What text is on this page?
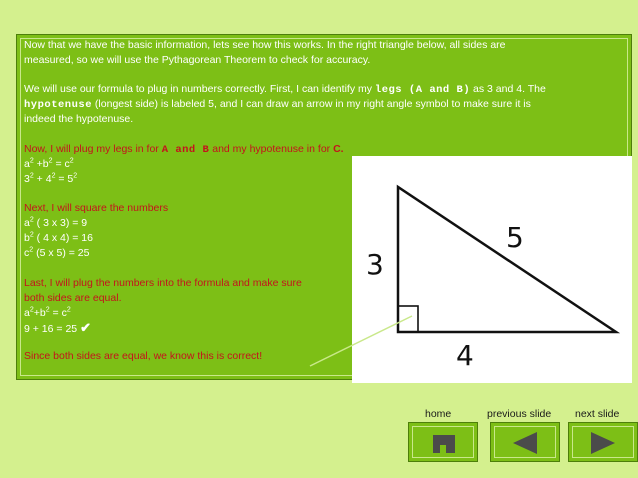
Now that we have the basic information, lets see how this works. In the right triangle below, all sides are

measured, so we will use the Pythagorean Theorem to check for accuracy.

We will use our formula to plug in numbers correctly. First, I can identify my legs (A and B) as 3 and 4. The

hypotenuse (longest side) is labeled 5, and I can draw an arrow in my right angle symbol to make sure it is

indeed the hypotenuse.

Now, I will plug my legs in for A and B and my hypotenuse in for C.

$a^2 +b^2 = c^2$

$3^2 + 4^2 = 5^2$

Next, I will square the numbers

$a^2$ ( 3 x 3) = 9

$b^2$ ( 4 x 4) = 16

$c^2$ (5 x 5) = 25

Last, I will plug the numbers into the formula and make sure

both sides are equal.

$a^2+b^2 = c^2$

9 + 16 = 25 ✔

Since both sides are equal, we know this is correct!

3
5
4
home	previous slide next slide
